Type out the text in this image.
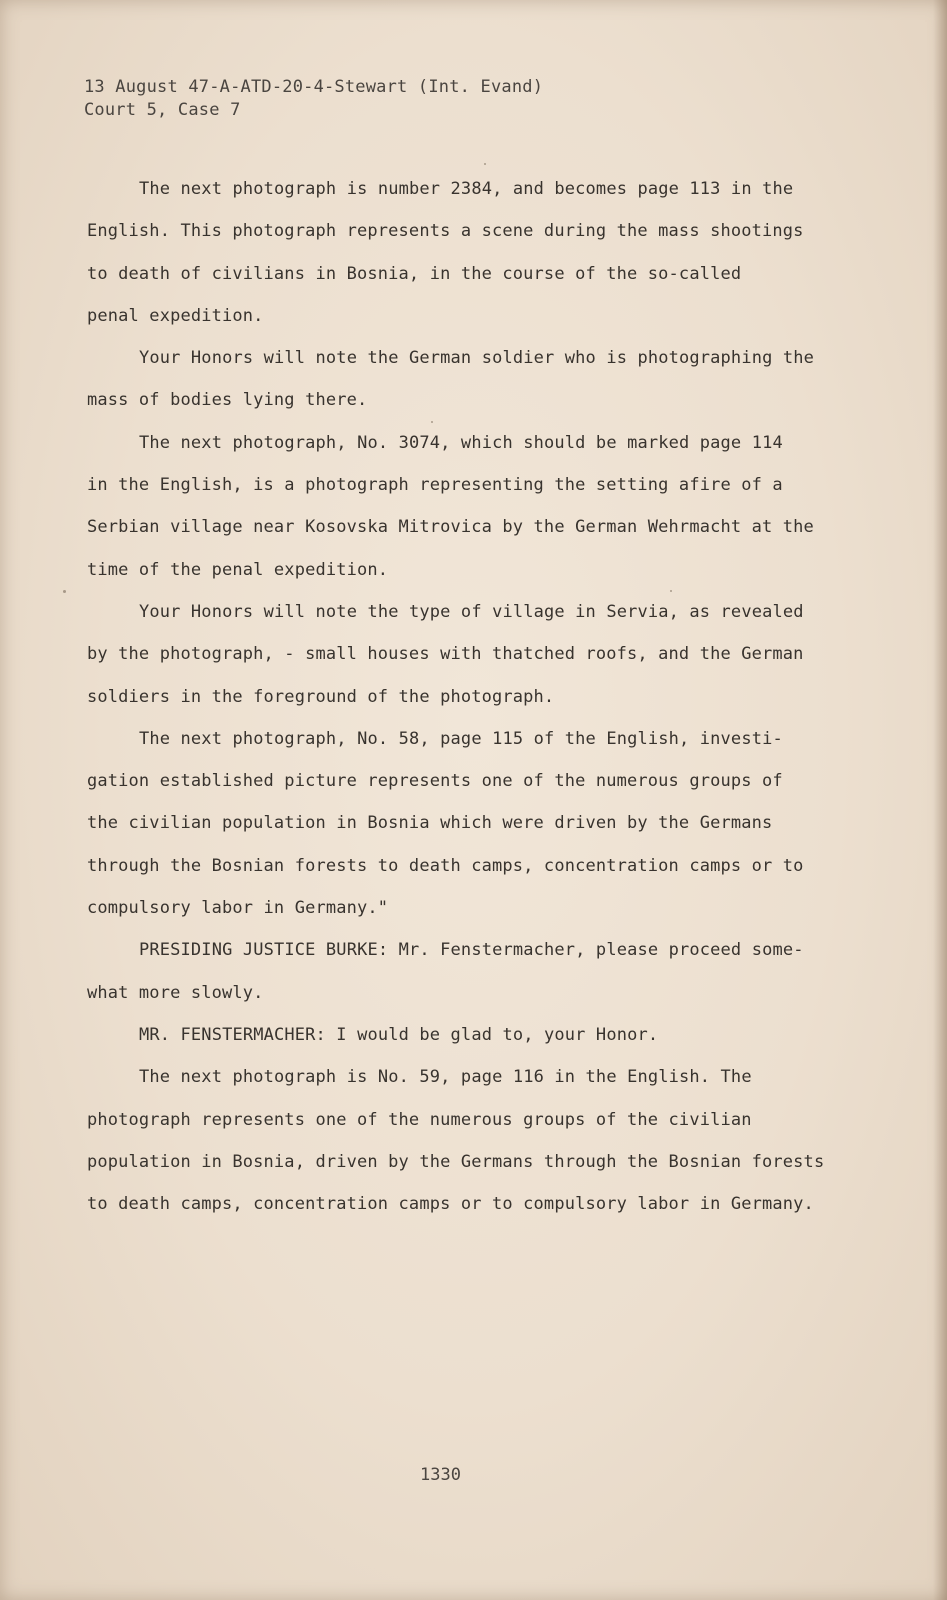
13 August 47-A-ATD-20-4-Stewart (Int. Evand)
Court 5, Case 7
The next photograph is number 2384, and becomes page 113 in the
English. This photograph represents a scene during the mass shootings
to death of civilians in Bosnia, in the course of the so-called
penal expedition.
Your Honors will note the German soldier who is photographing the
mass of bodies lying there.
The next photograph, No. 3074, which should be marked page 114
in the English, is a photograph representing the setting afire of a
Serbian village near Kosovska Mitrovica by the German Wehrmacht at the
time of the penal expedition.
Your Honors will note the type of village in Servia, as revealed
by the photograph, - small houses with thatched roofs, and the German
soldiers in the foreground of the photograph.
The next photograph, No. 58, page 115 of the English, investi-
gation established picture represents one of the numerous groups of
the civilian population in Bosnia which were driven by the Germans
through the Bosnian forests to death camps, concentration camps or to
compulsory labor in Germany."
PRESIDING JUSTICE BURKE: Mr. Fenstermacher, please proceed some-
what more slowly.
MR. FENSTERMACHER: I would be glad to, your Honor.
The next photograph is No. 59, page 116 in the English. The
photograph represents one of the numerous groups of the civilian
population in Bosnia, driven by the Germans through the Bosnian forests
to death camps, concentration camps or to compulsory labor in Germany.
1330
